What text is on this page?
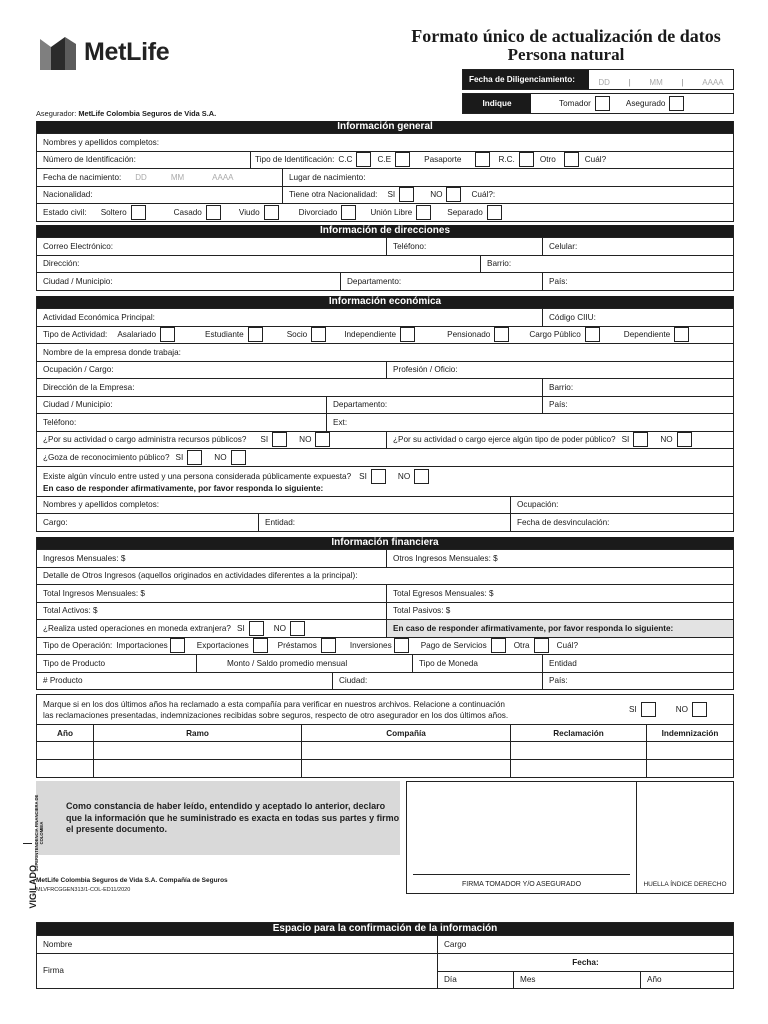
MetLife
Formato único de actualización de datos
Persona natural
Fecha de Diligenciamiento:	DD | MM | AAAA
Indique	Tomador	Asegurado
Asegurador: MetLife Colombia Seguros de Vida S.A.
Información general
Nombres y apellidos completos:
Número de Identificación:	Tipo de Identificación: C.C	C.E	Pasaporte	R.C.	Otro	Cuál?
Fecha de nacimiento: DD	MM	AAAA	Lugar de nacimiento:
Nacionalidad:	Tiene otra Nacionalidad: SI	NO	Cuál?:
Estado civil: Soltero	Casado	Viudo	Divorciado	Unión Libre	Separado
Información de direcciones
Correo Electrónico:	Teléfono:	Celular:
Dirección:	Barrio:
Ciudad / Municipio:	Departamento:	País:
Información económica
Actividad Económica Principal:	Código CIIU:
Tipo de Actividad: Asalariado	Estudiante	Socio	Independiente	Pensionado	Cargo Público	Dependiente
Nombre de la empresa donde trabaja:
Ocupación / Cargo:	Profesión / Oficio:
Dirección de la Empresa:	Barrio:
Ciudad / Municipio:	Departamento:	País:
Teléfono:	Ext:
¿Por su actividad o cargo administra recursos públicos? SI	NO	¿Por su actividad o cargo ejerce algún tipo de poder público? SI	NO
¿Goza de reconocimiento público? SI	NO
Existe algún vínculo entre usted y una persona considerada públicamente expuesta? SI	NO
En caso de responder afirmativamente, por favor responda lo siguiente:
Nombres y apellidos completos:	Ocupación:
Cargo:	Entidad:	Fecha de desvinculación:
Información financiera
Ingresos Mensuales: $	Otros Ingresos Mensuales: $
Detalle de Otros Ingresos (aquellos originados en actividades diferentes a la principal):
Total Ingresos Mensuales: $	Total Egresos Mensuales: $
Total Activos: $	Total Pasivos: $
¿Realiza usted operaciones en moneda extranjera? SI	NO	En caso de responder afirmativamente, por favor responda lo siguiente:
Tipo de Operación: Importaciones	Exportaciones	Préstamos	Inversiones	Pago de Servicios	Otra	Cuál?
Tipo de Producto	Monto / Saldo promedio mensual	Tipo de Moneda	Entidad
# Producto	Ciudad:	País:
Marque si en los dos últimos años ha reclamado a esta compañía para verificar en nuestros archivos. Relacione a continuación
las reclamaciones presentadas, indemnizaciones recibidas sobre seguros, respecto de otro asegurador en los dos últimos años.
SI	NO
Año	Ramo	Compañía	Reclamación	Indemnización

Como constancia de haber leído, entendido y aceptado lo anterior, declaro que la información que he suministrado es exacta en todas sus partes y firmo el presente documento.

FIRMA TOMADOR Y/O ASEGURADO	HUELLA ÍNDICE DERECHO
MetLife Colombia Seguros de Vida S.A. Compañía de Seguros
MLVFRCGGEN313/1-COL-ED11/2020
VIGILADO
SUPERINTENDENCIA FINANCIERA DE COLOMBIA
Espacio para la confirmación de la información
Nombre	Cargo
Firma
Fecha:
Día	Mes	Año
